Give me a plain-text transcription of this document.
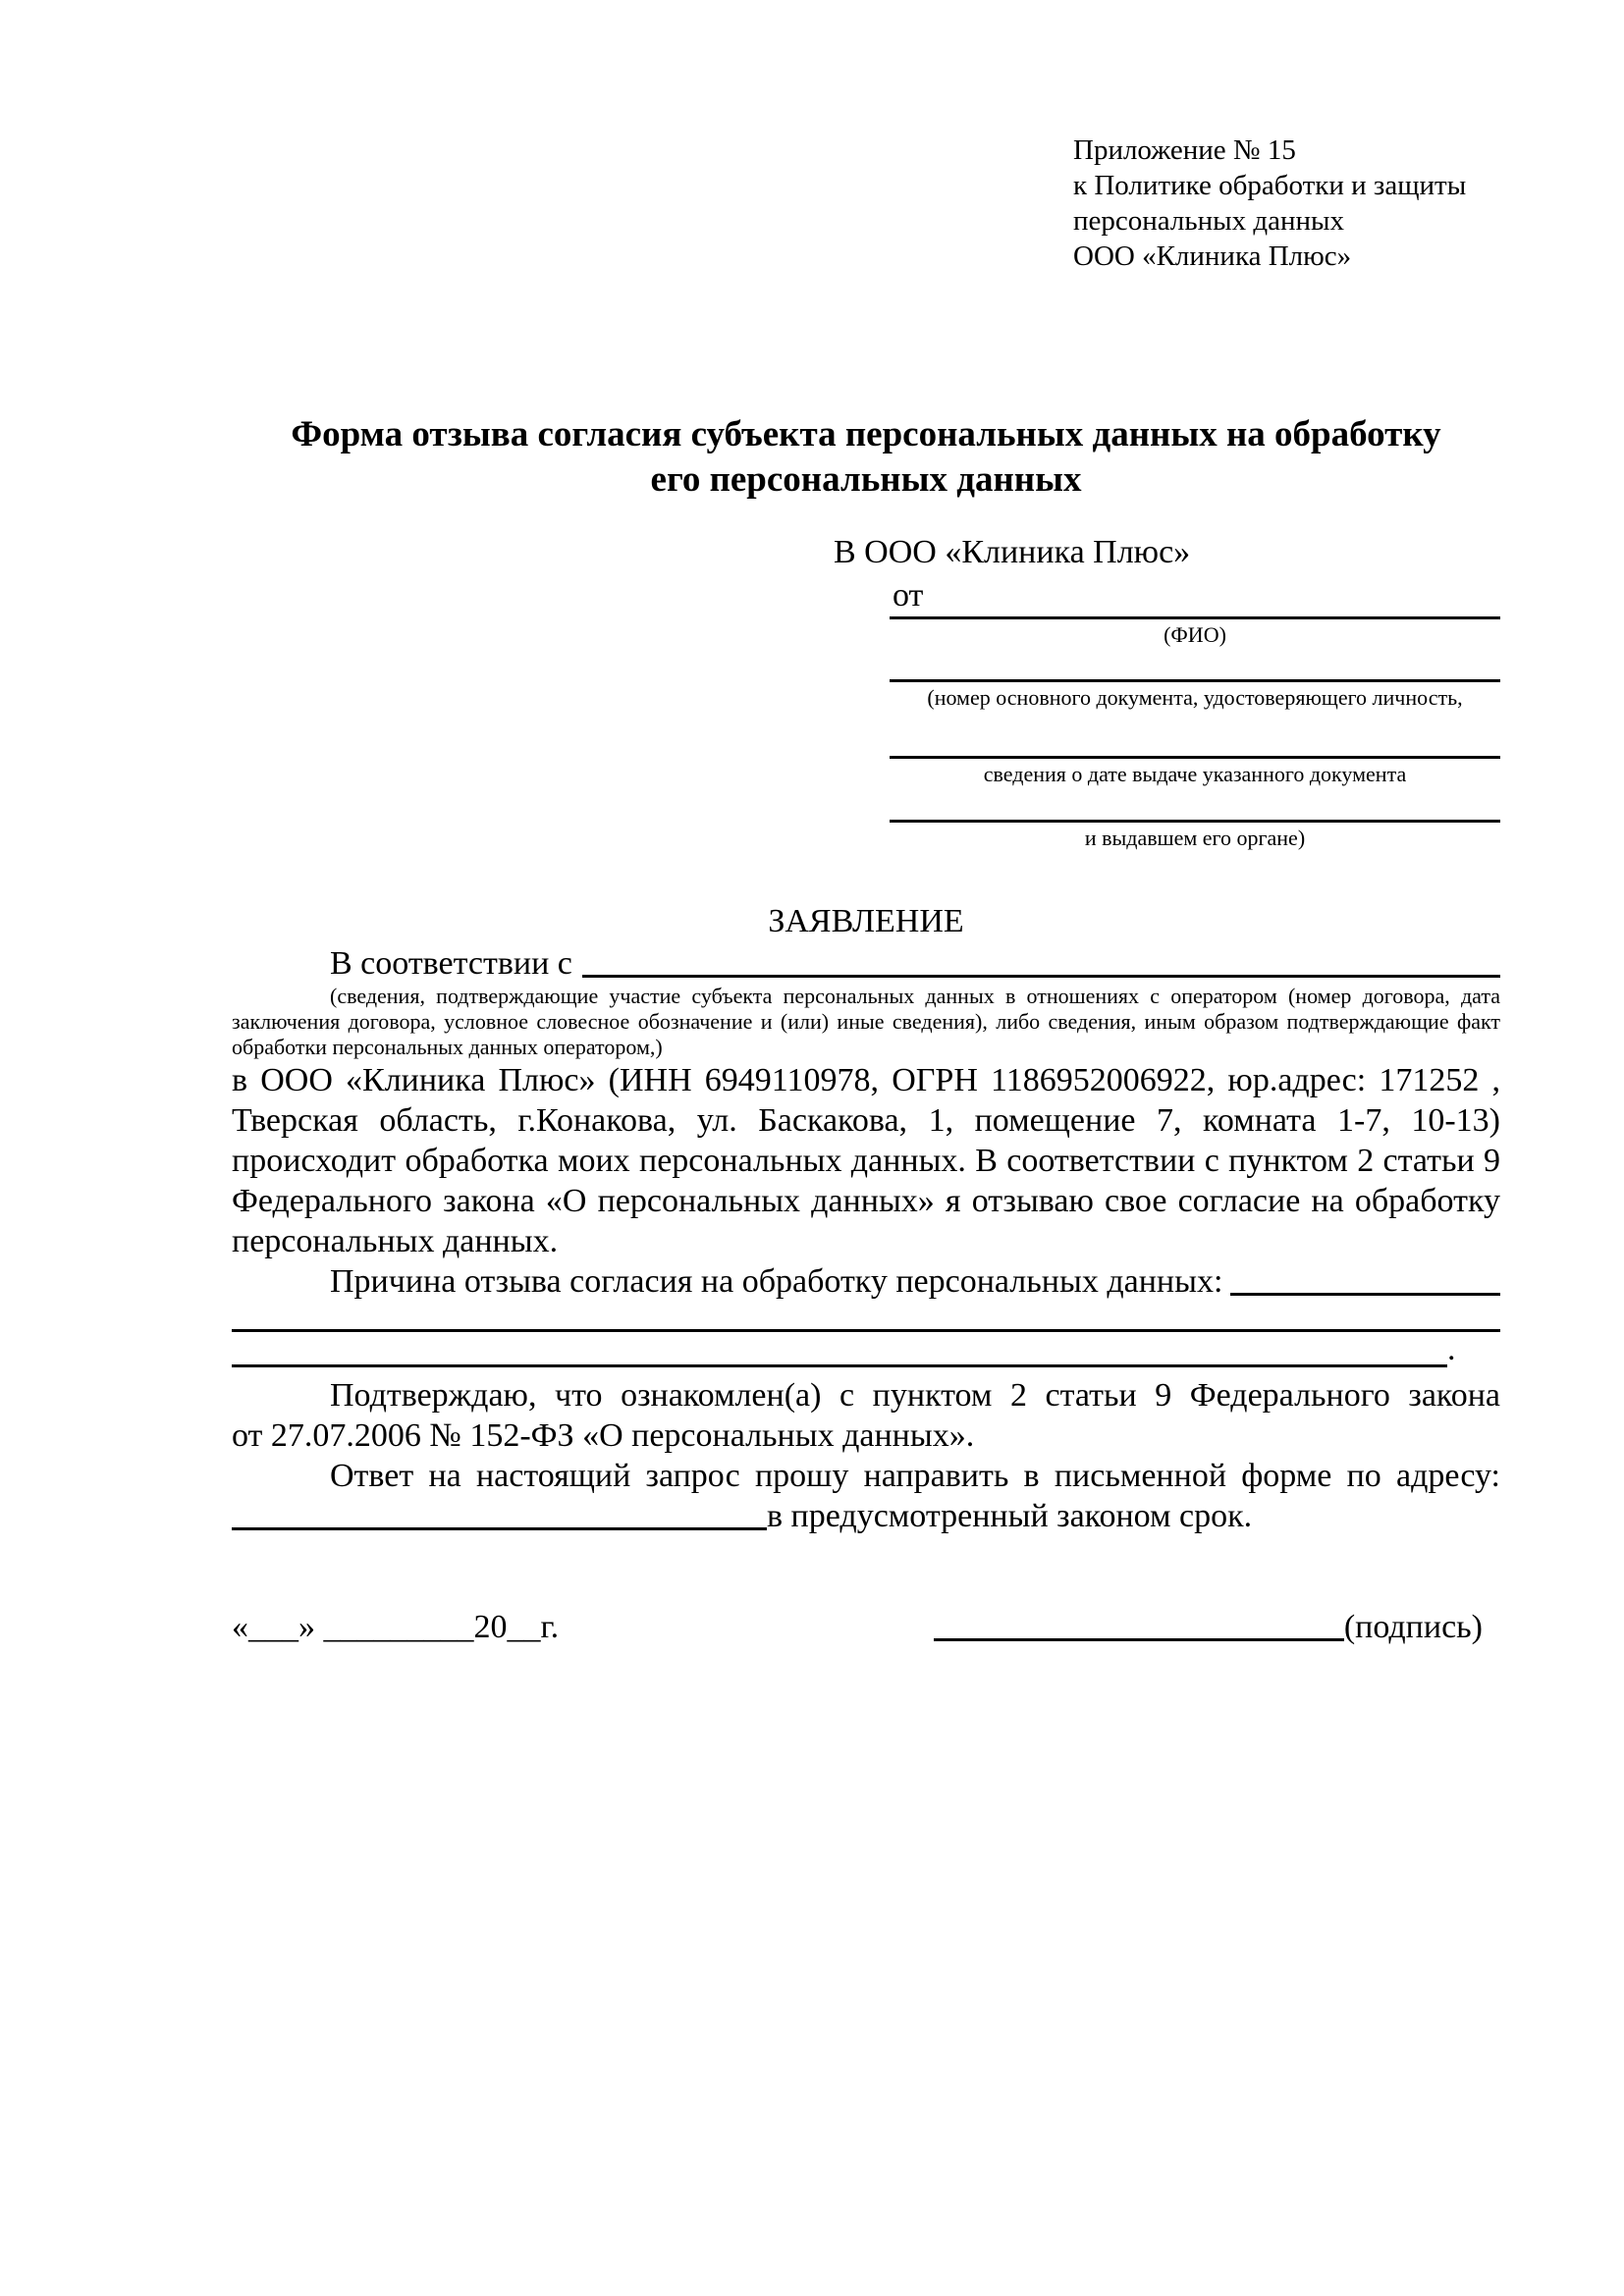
Приложение № 15
к Политике обработки и защиты
персональных данных
ООО «Клиника Плюс»
Форма отзыва согласия субъекта персональных данных на обработку
его персональных данных
В ООО «Клиника Плюс»
от
(ФИО)
(номер основного документа, удостоверяющего личность,
сведения о дате выдаче указанного документа
и выдавшем его органе)
ЗАЯВЛЕНИЕ
В соответствии с
(сведения, подтверждающие участие субъекта персональных данных в отношениях с оператором (номер договора, дата
заключения договора, условное словесное обозначение и (или) иные сведения), либо сведения, иным образом подтверждающие факт
обработки персональных данных оператором,)
в ООО «Клиника Плюс» (ИНН 6949110978, ОГРН 1186952006922, юр.адрес: 171252 ,
Тверская область, г.Конакова, ул. Баскакова, 1, помещение 7, комната 1-7, 10-13)
происходит обработка моих персональных данных. В соответствии с пунктом 2 статьи 9
Федерального закона «О персональных данных» я отзываю свое согласие на обработку
персональных данных.
Причина отзыва согласия на обработку персональных данных:
.
Подтверждаю, что ознакомлен(а) с пунктом 2 статьи 9 Федерального закона
от 27.07.2006 № 152-ФЗ «О персональных данных».
Ответ на настоящий запрос прошу направить в письменной форме по адресу:
в предусмотренный законом срок.
«___» _________20__г.	(подпись)
